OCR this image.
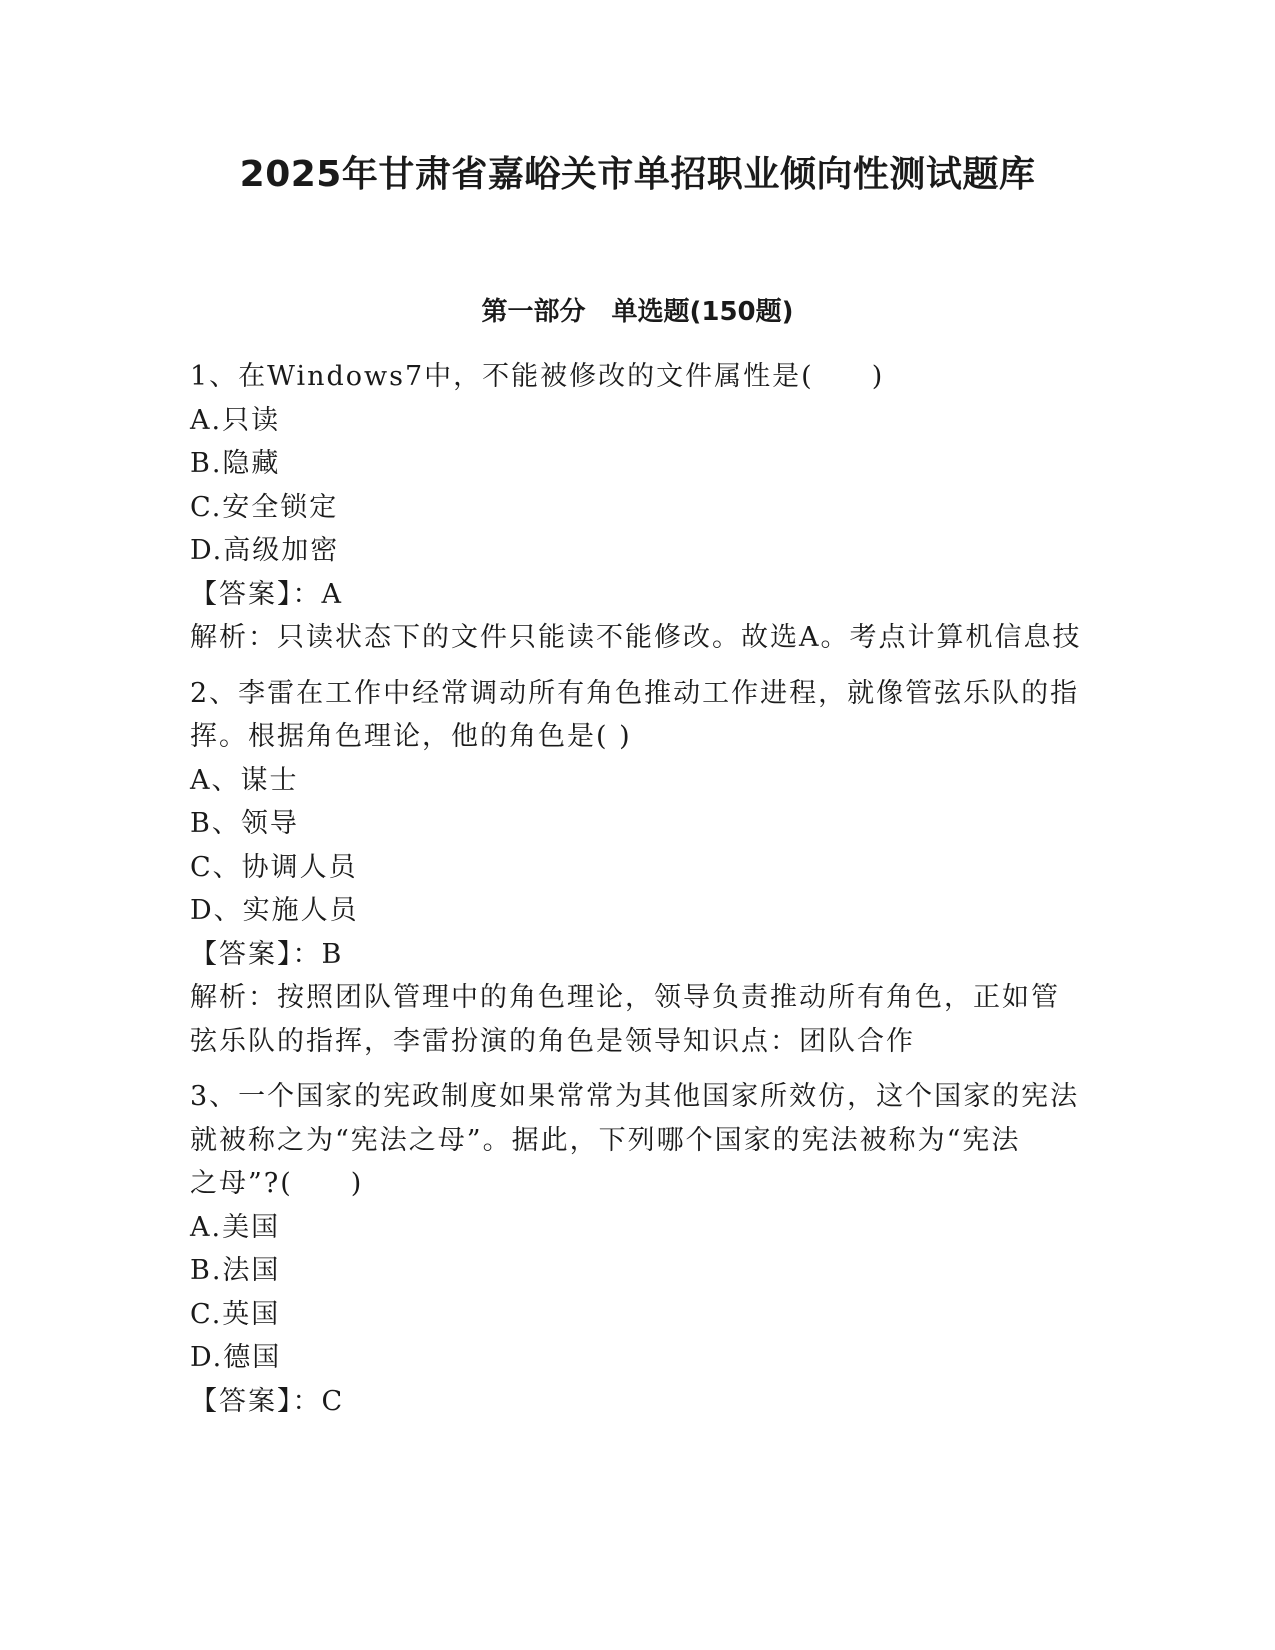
2025年甘肃省嘉峪关市单招职业倾向性测试题库
第一部分　单选题(150题)

1、在Windows7中，不能被修改的文件属性是(　　)

A.只读

B.隐藏

C.安全锁定

D.高级加密

【答案】：A

解析：只读状态下的文件只能读不能修改。故选A。考点计算机信息技

2、李雷在工作中经常调动所有角色推动工作进程，就像管弦乐队的指

挥。根据角色理论，他的角色是( )

A、谋士

B、领导

C、协调人员

D、实施人员

【答案】：B

解析：按照团队管理中的角色理论，领导负责推动所有角色，正如管

弦乐队的指挥，李雷扮演的角色是领导知识点：团队合作

3、一个国家的宪政制度如果常常为其他国家所效仿，这个国家的宪法

就被称之为“宪法之母”。据此，下列哪个国家的宪法被称为“宪法

之母”?(　　)

A.美国

B.法国

C.英国

D.德国

【答案】：C
